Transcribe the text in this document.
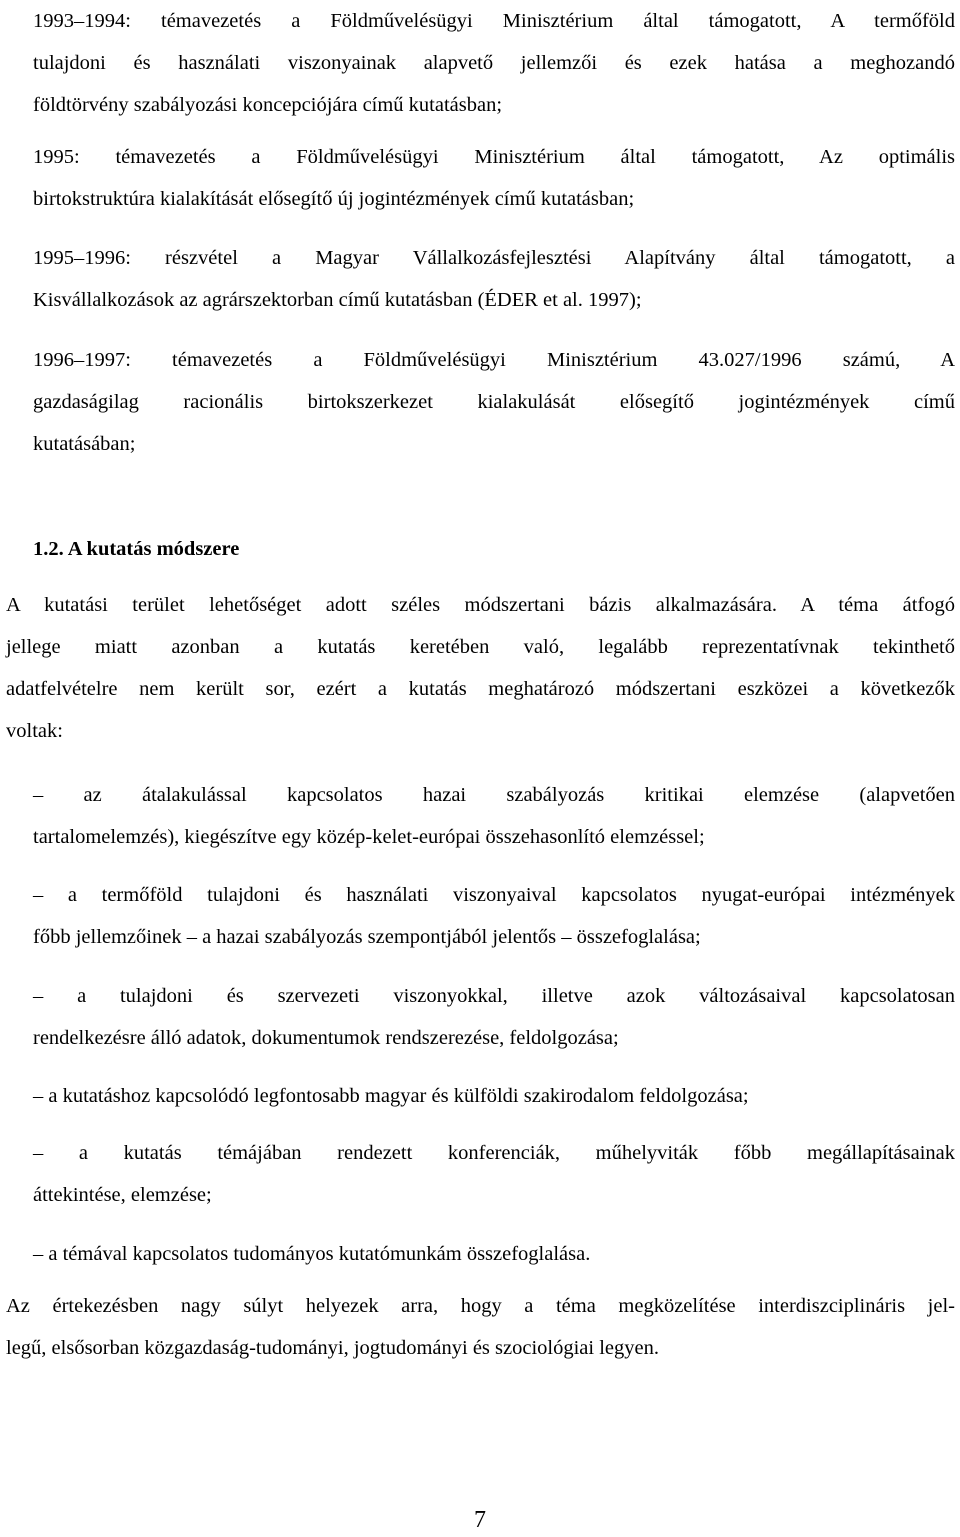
1993–1994: témavezetés a Földművelésügyi Minisztérium által támogatott, A termőföld
tulajdoni és használati viszonyainak alapvető jellemzői és ezek hatása a meghozandó
földtörvény szabályozási koncepciójára című kutatásban;
1995: témavezetés a Földművelésügyi Minisztérium által támogatott, Az optimális
birtokstruktúra kialakítását elősegítő új jogintézmények című kutatásban;
1995–1996: részvétel a Magyar Vállalkozásfejlesztési Alapítvány által támogatott, a
Kisvállalkozások az agrárszektorban című kutatásban (ÉDER et al. 1997);
1996–1997: témavezetés a Földművelésügyi Minisztérium 43.027/1996 számú, A
gazdaságilag racionális birtokszerkezet kialakulását elősegítő jogintézmények című
kutatásában;
1.2. A kutatás módszere
A kutatási terület lehetőséget adott széles módszertani bázis alkalmazására. A téma átfogó
jellege miatt azonban a kutatás keretében való, legalább reprezentatívnak tekinthető
adatfelvételre nem került sor, ezért a kutatás meghatározó módszertani eszközei a következők
voltak:
– az átalakulással kapcsolatos hazai szabályozás kritikai elemzése (alapvetően
tartalomelemzés), kiegészítve egy közép-kelet-európai összehasonlító elemzéssel;
– a termőföld tulajdoni és használati viszonyaival kapcsolatos nyugat-európai intézmények
főbb jellemzőinek – a hazai szabályozás szempontjából jelentős – összefoglalása;
– a tulajdoni és szervezeti viszonyokkal, illetve azok változásaival kapcsolatosan
rendelkezésre álló adatok, dokumentumok rendszerezése, feldolgozása;
– a kutatáshoz kapcsolódó legfontosabb magyar és külföldi szakirodalom feldolgozása;
– a kutatás témájában rendezett konferenciák, műhelyviták főbb megállapításainak
áttekintése, elemzése;
– a témával kapcsolatos tudományos kutatómunkám összefoglalása.
Az értekezésben nagy súlyt helyezek arra, hogy a téma megközelítése interdiszciplináris jel-
legű, elsősorban közgazdaság-tudományi, jogtudományi és szociológiai legyen.
7
